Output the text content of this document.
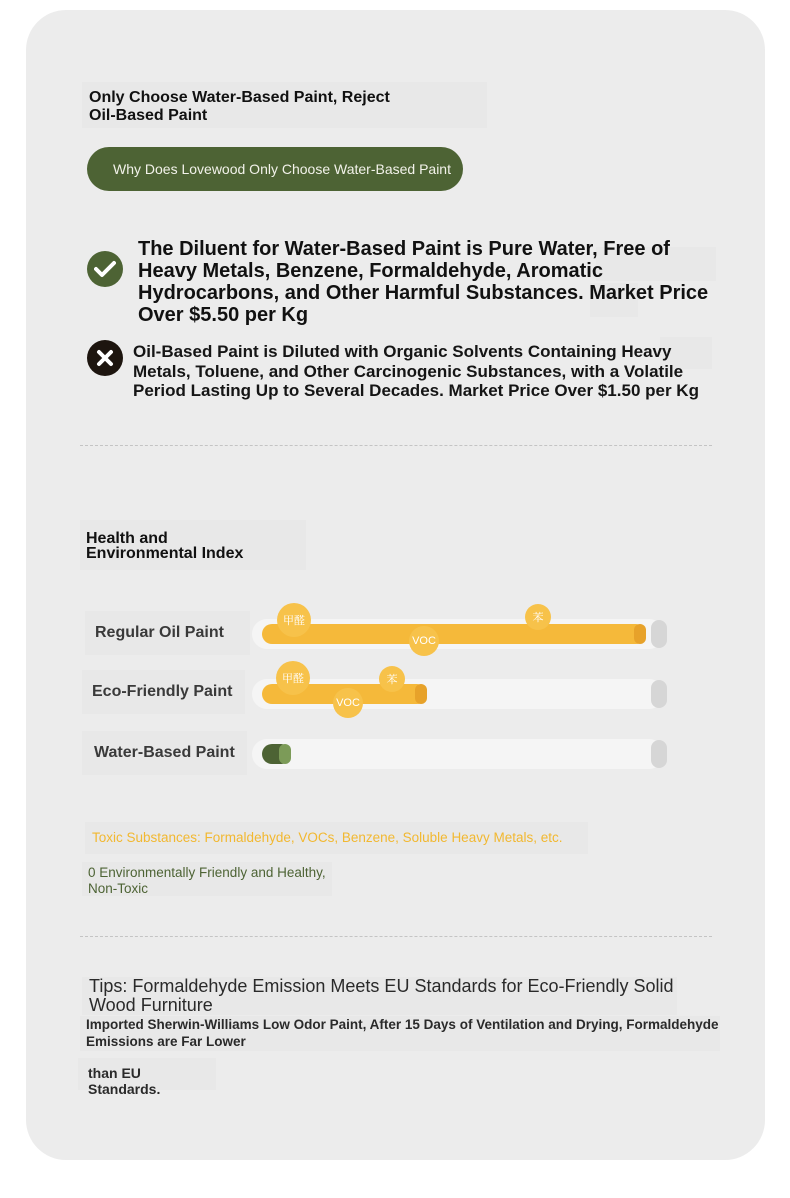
Only Choose Water-Based Paint, Reject
Oil-Based Paint
Why Does Lovewood Only Choose Water-Based Paint
The Diluent for Water-Based Paint is Pure Water, Free of Heavy Metals, Benzene, Formaldehyde, Aromatic Hydrocarbons, and Other Harmful Substances. Market Price Over $5.50 per Kg
Oil-Based Paint is Diluted with Organic Solvents Containing Heavy Metals, Toluene, and Other Carcinogenic Substances, with a Volatile Period Lasting Up to Several Decades. Market Price Over $1.50 per Kg
Health and
Environmental Index
Regular Oil Paint
甲醛	苯
VOC
Eco-Friendly Paint
甲醛	苯
VOC
Water-Based Paint
Toxic Substances: Formaldehyde, VOCs, Benzene, Soluble Heavy Metals, etc.
0 Environmentally Friendly and Healthy,
Non-Toxic
Tips: Formaldehyde Emission Meets EU Standards for Eco-Friendly Solid Wood Furniture
Imported Sherwin-Williams Low Odor Paint, After 15 Days of Ventilation and Drying, Formaldehyde Emissions are Far Lower
than EU Standards.
